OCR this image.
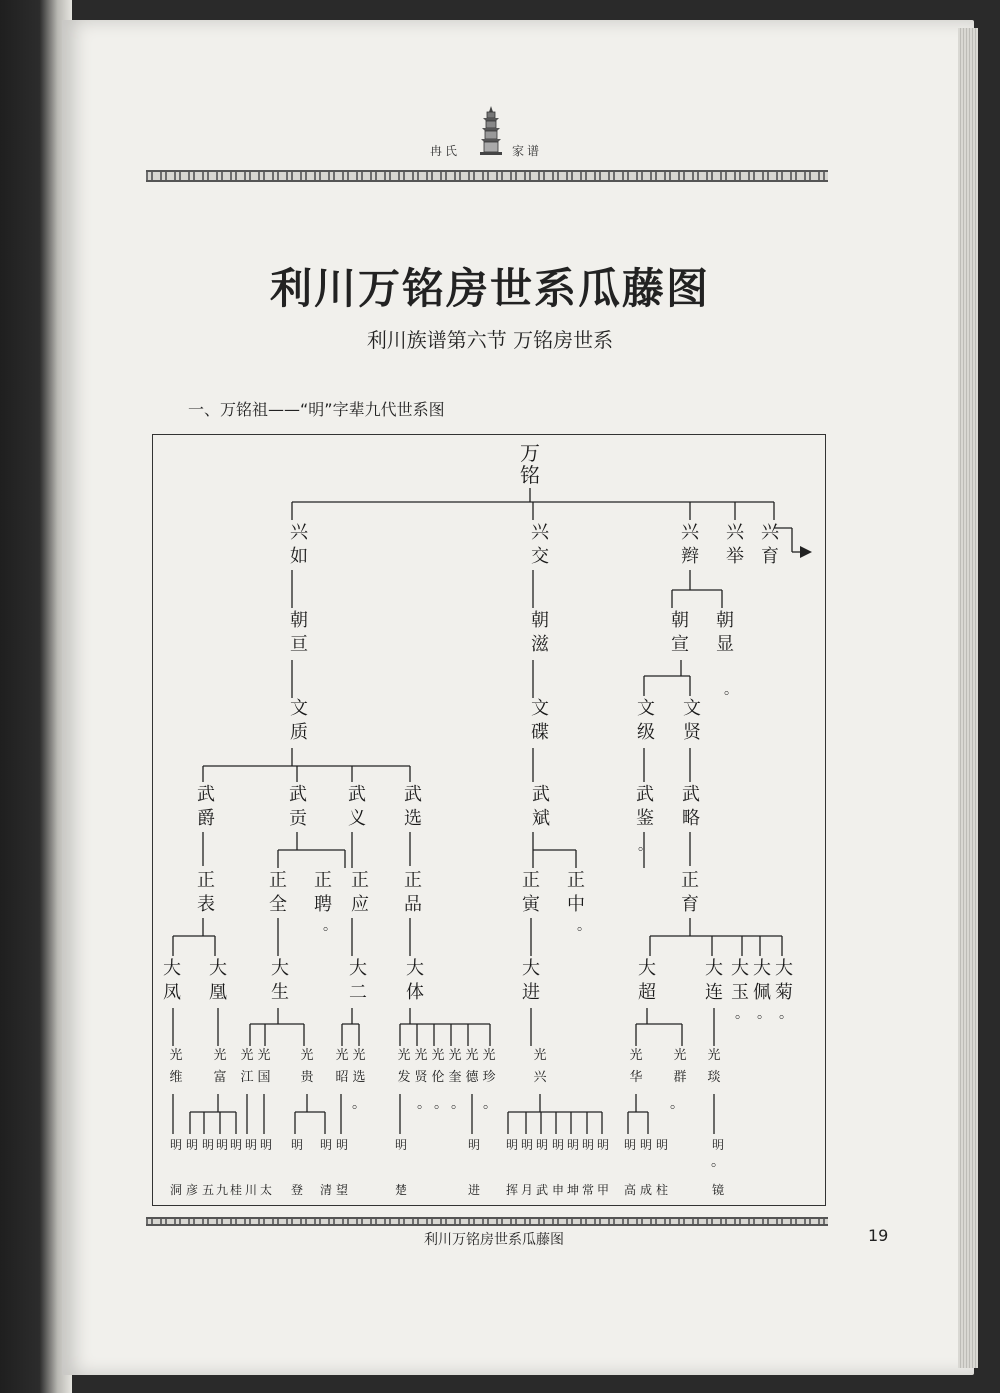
冉氏	家谱
利川万铭房世系瓜藤图
利川族谱第六节 万铭房世系
一、万铭祖——“明”字辈九代世系图
万
铭
兴
如
兴
交
兴
辫
兴
举
兴
育
朝
亘
文
质
朝
滋
文
碟
朝
宣
朝
显
。
文
级
文
贤
武
爵
武
贡
武
义
武
选
武
斌
武
鉴
武
略
。
正
表
正
全
正
聘
正
应
正
品
正
寅
正
中
正
育
。	。
大
凤
大
凰
大
生
大
二
大
体
大
进
大
超
大
连
大
玉
大
佩
大
菊
。 。 。
光
维
光
富
光
江
光
国
光
贵
光
昭
光
选
光
发
光
贤
光
伦
光
奎
光
德
光
珍
光
兴
光
华
光
群
光
琰
。	。 。 。 。	。
明 明 明 明 明 明 明 明 明 明	明	明 明 明 明 明 明 明 明 明 明 明	明
洞 彦 五 九 桂 川 太 登 清 望	楚	进 挥 月 武 申 坤 常 甲 高 成 柱	镜
。
利川万铭房世系瓜藤图	19
